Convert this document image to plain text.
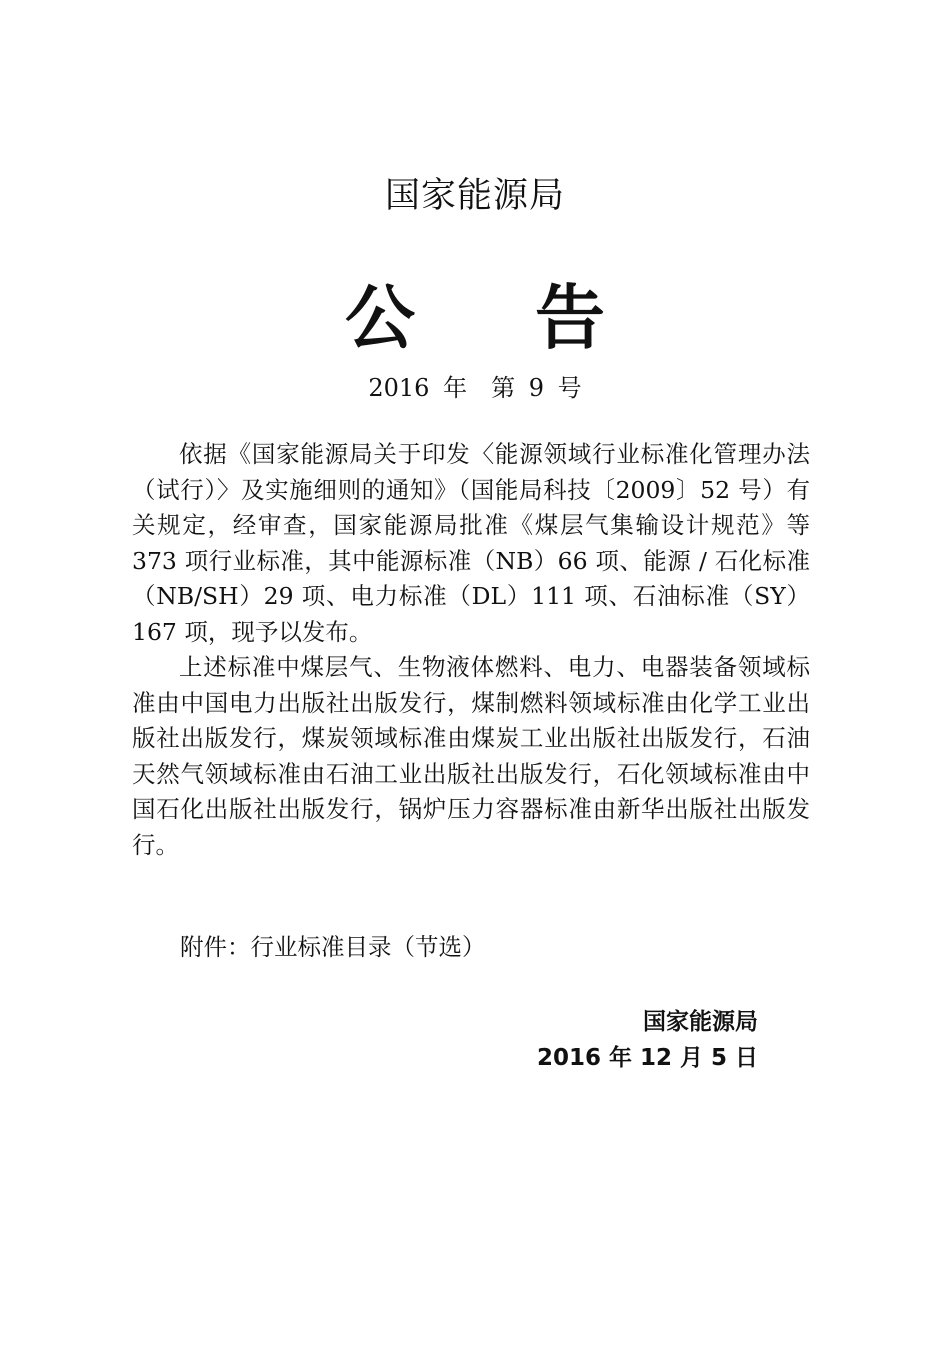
国家能源局
公告
2016 年　第 9 号

依据《国家能源局关于印发〈能源领域行业标准化管理办法（试行）〉及实施细则的通知》（国能局科技〔2009〕52 号）有关规定，经审查，国家能源局批准《煤层气集输设计规范》等 373 项行业标准，其中能源标准（NB）66 项、能源 / 石化标准（NB/SH）29 项、电力标准（DL）111 项、石油标准（SY）167 项，现予以发布。

上述标准中煤层气、生物液体燃料、电力、电器装备领域标准由中国电力出版社出版发行，煤制燃料领域标准由化学工业出版社出版发行，煤炭领域标准由煤炭工业出版社出版发行，石油天然气领域标准由石油工业出版社出版发行，石化领域标准由中国石化出版社出版发行，锅炉压力容器标准由新华出版社出版发行。

附件：行业标准目录（节选）
国家能源局
2016 年 12 月 5 日
